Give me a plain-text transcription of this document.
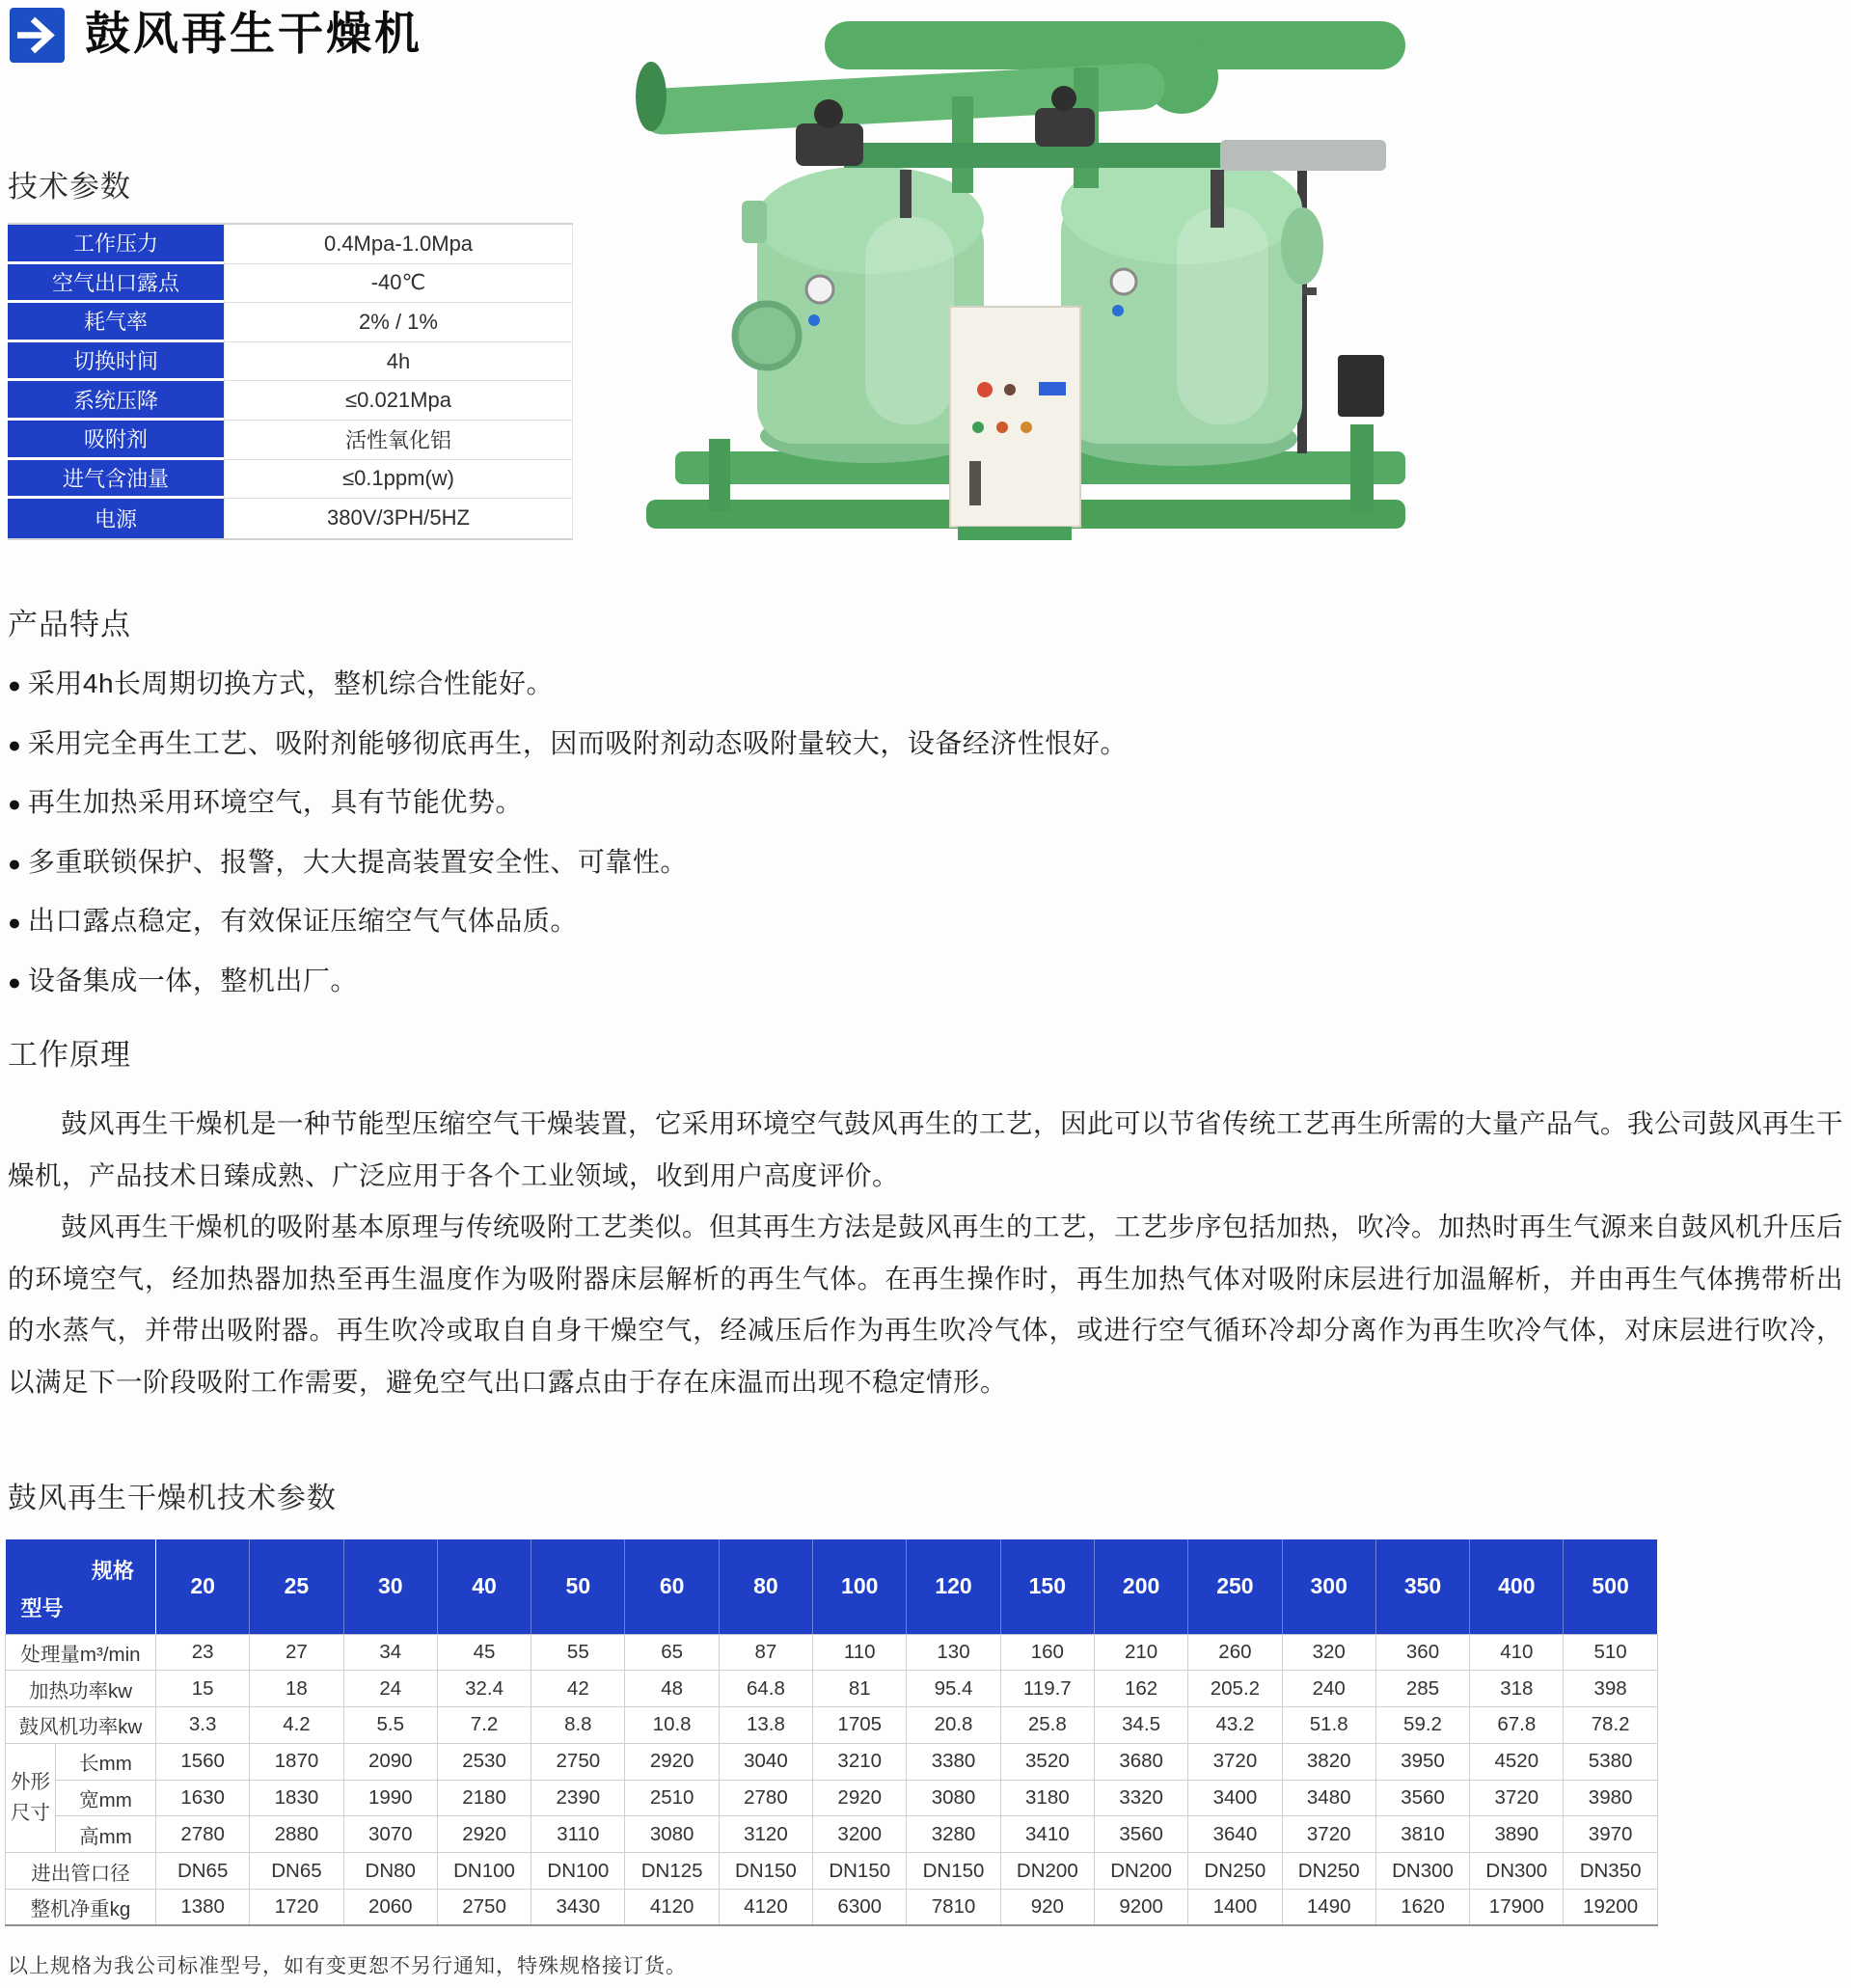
鼓风再生干燥机
技术参数
工作压力	0.4Mpa-1.0Mpa
空气出口露点	-40℃
耗气率	2% / 1%
切换时间	4h
系统压降	≤0.021Mpa
吸附剂	活性氧化铝
进气含油量	≤0.1ppm(w)
电源	380V/3PH/5HZ
产品特点
● 采用4h长周期切换方式，整机综合性能好。
● 采用完全再生工艺、吸附剂能够彻底再生，因而吸附剂动态吸附量较大，设备经济性恨好。
● 再生加热采用环境空气，具有节能优势。
● 多重联锁保护、报警，大大提高装置安全性、可靠性。
● 出口露点稳定，有效保证压缩空气气体品质。
● 设备集成一体，整机出厂。
工作原理

鼓风再生干燥机是一种节能型压缩空气干燥装置，它采用环境空气鼓风再生的工艺，因此可以节省传统工艺再生所需的大量产品气。我公司鼓风再生干燥机，产品技术日臻成熟、广泛应用于各个工业领域，收到用户高度评价。

鼓风再生干燥机的吸附基本原理与传统吸附工艺类似。但其再生方法是鼓风再生的工艺，工艺步序包括加热，吹冷。加热时再生气源来自鼓风机升压后的环境空气，经加热器加热至再生温度作为吸附器床层解析的再生气体。在再生操作时，再生加热气体对吸附床层进行加温解析，并由再生气体携带析出的水蒸气，并带出吸附器。再生吹冷或取自自身干燥空气，经减压后作为再生吹冷气体，或进行空气循环冷却分离作为再生吹冷气体，对床层进行吹冷，以满足下一阶段吸附工作需要，避免空气出口露点由于存在床温而出现不稳定情形。

鼓风再生干燥机技术参数
规格
型号		20	25	30	40	50	60	80	100	120	150	200	250	300	350	400	500
处理量m³/min		23	27	34	45	55	65	87	110	130	160	210	260	320	360	410	510
加热功率kw		15	18	24	32.4	42	48	64.8	81	95.4	119.7	162	205.2	240	285	318	398
鼓风机功率kw		3.3	4.2	5.5	7.2	8.8	10.8	13.8	1705	20.8	25.8	34.5	43.2	51.8	59.2	67.8	78.2
外形尺寸	长mm	1560	1870	2090	2530	2750	2920	3040	3210	3380	3520	3680	3720	3820	3950	4520	5380
	宽mm	1630	1830	1990	2180	2390	2510	2780	2920	3080	3180	3320	3400	3480	3560	3720	3980
	高mm	2780	2880	3070	2920	3110	3080	3120	3200	3280	3410	3560	3640	3720	3810	3890	3970
进出管口径		DN65	DN65	DN80	DN100	DN100	DN125	DN150	DN150	DN150	DN200	DN200	DN250	DN250	DN300	DN300	DN350
整机净重kg		1380	1720	2060	2750	3430	4120	4120	6300	7810	920	9200	1400	1490	1620	17900	19200
以上规格为我公司标准型号，如有变更恕不另行通知，特殊规格接订货。
